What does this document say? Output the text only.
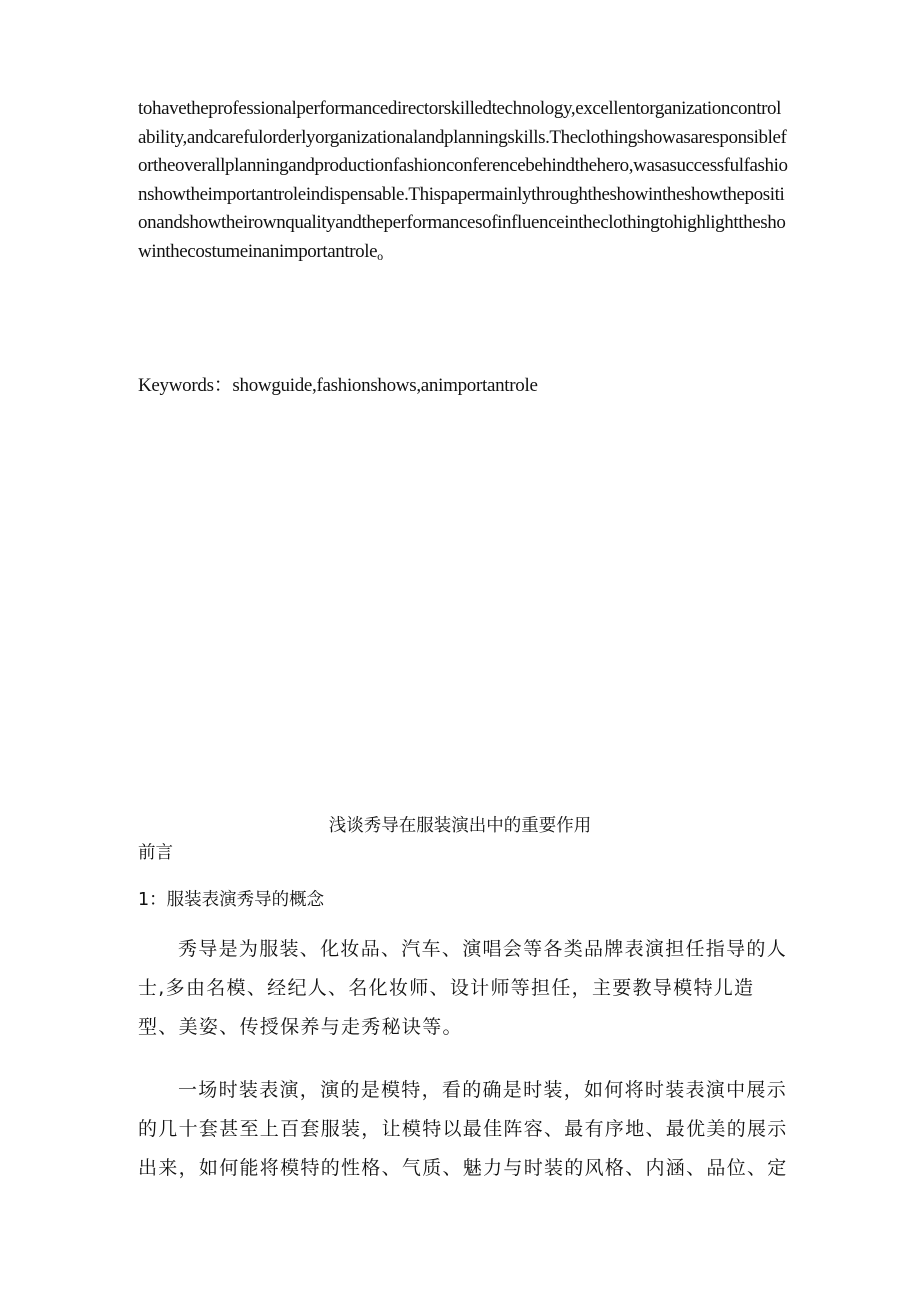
tohavetheprofessionalperformancedirectorskilledtechnology,excellentorganizationcontrolability,andcarefulorderlyorganizationalandplanningskills.Theclothingshowasaresponsiblefortheoverallplanningandproductionfashionconferencebehindthehero,wasasuccessfulfashionshowtheimportantroleindispensable.Thispapermainlythroughtheshowintheshowthepositionandshowtheirownqualityandtheperformancesofinfluenceintheclothingtohighlighttheshowinthecostumeinanimportantroleo

Keywords：showguide,fashionshows,animportantrole

浅谈秀导在服装演出中的重要作用

前言

1：服装表演秀导的概念

秀导是为服装、化妆品、汽车、演唱会等各类品牌表演担任指导的人士,多由名模、经纪人、名化妆师、设计师等担任，主要教导模特儿造型、美姿、传授保养与走秀秘诀等。

一场时装表演，演的是模特，看的确是时装，如何将时装表演中展示的几十套甚至上百套服装，让模特以最佳阵容、最有序地、最优美的展示出来，如何能将模特的性格、气质、魅力与时装的风格、内涵、品位、定
